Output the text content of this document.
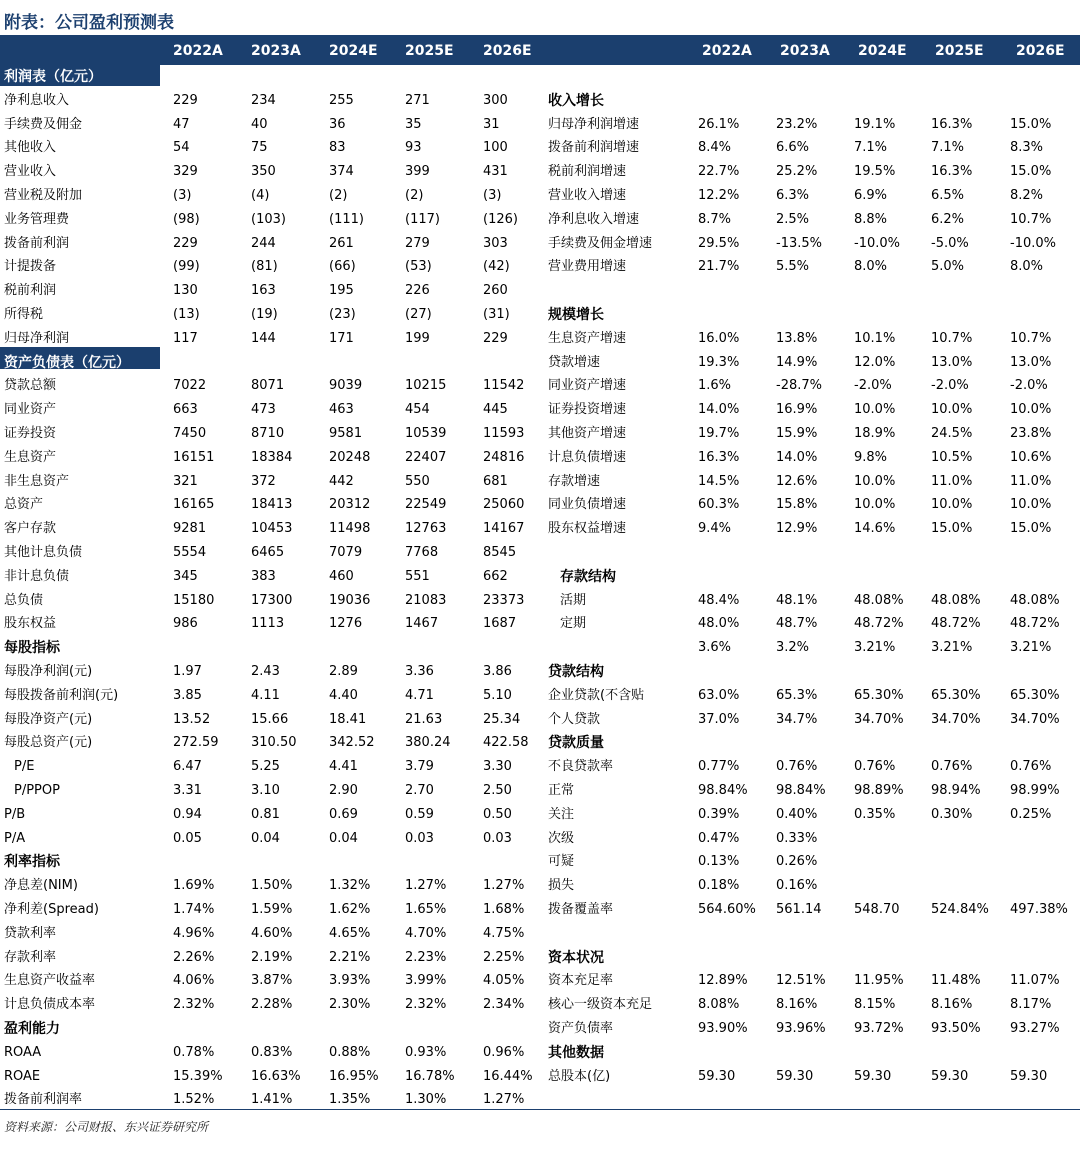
附表：公司盈利预测表
2022A	2022A
2023A	2023A
2024E	2024E
2025E	2025E
2026E	2026E
利润表（亿元）
净利息收入	229	234	255	271	300
手续费及佣金	47	40	36	35	31
其他收入	54	75	83	93	100
营业收入	329	350	374	399	431
营业税及附加	(3)	(4)	(2)	(2)	(3)
业务管理费	(98)	(103)	(111)	(117)	(126)
拨备前利润	229	244	261	279	303
计提拨备	(99)	(81)	(66)	(53)	(42)
税前利润	130	163	195	226	260
所得税	(13)	(19)	(23)	(27)	(31)
归母净利润	117	144	171	199	229
资产负债表（亿元）
贷款总额	7022	8071	9039	10215	11542
同业资产	663	473	463	454	445
证券投资	7450	8710	9581	10539	11593
生息资产	16151	18384	20248	22407	24816
非生息资产	321	372	442	550	681
总资产	16165	18413	20312	22549	25060
客户存款	9281	10453	11498	12763	14167
其他计息负债	5554	6465	7079	7768	8545
非计息负债	345	383	460	551	662
总负债	15180	17300	19036	21083	23373
股东权益	986	1113	1276	1467	1687
每股指标
每股净利润(元)	1.97	2.43	2.89	3.36	3.86
每股拨备前利润(元)	3.85	4.11	4.40	4.71	5.10
每股净资产(元)	13.52	15.66	18.41	21.63	25.34
每股总资产(元)	272.59	310.50	342.52 380.24	422.58
P/E	6.47	5.25	4.41	3.79	3.30
P/PPOP	3.31	3.10	2.90	2.70	2.50
P/B	0.94	0.81	0.69	0.59	0.50
P/A	0.05	0.04	0.04	0.03	0.03
利率指标
净息差(NIM)	1.69%	1.50%	1.32%	1.27%	1.27%
净利差(Spread)	1.74%	1.59%	1.62%	1.65%	1.68%
贷款利率	4.96%	4.60%	4.65%	4.70%	4.75%
存款利率	2.26%	2.19%	2.21%	2.23%	2.25%
生息资产收益率	4.06%	3.87%	3.93%	3.99%	4.05%
计息负债成本率	2.32%	2.28%	2.30%	2.32%	2.34%
盈利能力
ROAA	0.78%	0.83%	0.88%	0.93%	0.96%
ROAE	15.39% 16.63% 16.95% 16.78% 16.44%
拨备前利润率	1.52%	1.41%	1.35%	1.30%	1.27%
收入增长
归母净利润增速	26.1%	23.2%	19.1%	16.3%	15.0%
拨备前利润增速	8.4%	6.6%	7.1%	7.1%	8.3%
税前利润增速	22.7%	25.2%	19.5%	16.3%	15.0%
营业收入增速	12.2%	6.3%	6.9%	6.5%	8.2%
净利息收入增速	8.7%	2.5%	8.8%	6.2%	10.7%
手续费及佣金增速	29.5%	-13.5% -10.0% -5.0%	-10.0%
营业费用增速	21.7%	5.5%	8.0%	5.0%	8.0%
规模增长
生息资产增速	16.0%	13.8%	10.1%	10.7%	10.7%
贷款增速	19.3%	14.9%	12.0%	13.0%	13.0%
同业资产增速	1.6%	-28.7% -2.0%	-2.0%	-2.0%
证券投资增速	14.0%	16.9%	10.0%	10.0%	10.0%
其他资产增速	19.7%	15.9%	18.9%	24.5%	23.8%
计息负债增速	16.3%	14.0%	9.8%	10.5%	10.6%
存款增速	14.5%	12.6%	10.0%	11.0%	11.0%
同业负债增速	60.3%	15.8%	10.0%	10.0%	10.0%
股东权益增速	9.4%	12.9%	14.6%	15.0%	15.0%
存款结构
活期	48.4%	48.1%	48.08% 48.08% 48.08%
定期	48.0%	48.7%	48.72% 48.72% 48.72%
3.6%	3.2%	3.21%	3.21%	3.21%
贷款结构
企业贷款(不含贴	63.0%	65.3%	65.30% 65.30% 65.30%
个人贷款	37.0%	34.7%	34.70% 34.70% 34.70%
贷款质量
不良贷款率	0.77%	0.76%	0.76%	0.76%	0.76%
正常	98.84% 98.84% 98.89% 98.94% 98.99%
关注	0.39%	0.40%	0.35%	0.30%	0.25%
次级	0.47%	0.33%
可疑	0.13%	0.26%
损失	0.18%	0.16%
拨备覆盖率	564.60% 561.14	548.70 524.84% 497.38%
资本状况
资本充足率	12.89% 12.51% 11.95% 11.48% 11.07%
核心一级资本充足	8.08%	8.16%	8.15%	8.16%	8.17%
资产负债率	93.90% 93.96% 93.72% 93.50% 93.27%
其他数据
总股本(亿)	59.30	59.30	59.30	59.30	59.30
资料来源：公司财报、东兴证券研究所
